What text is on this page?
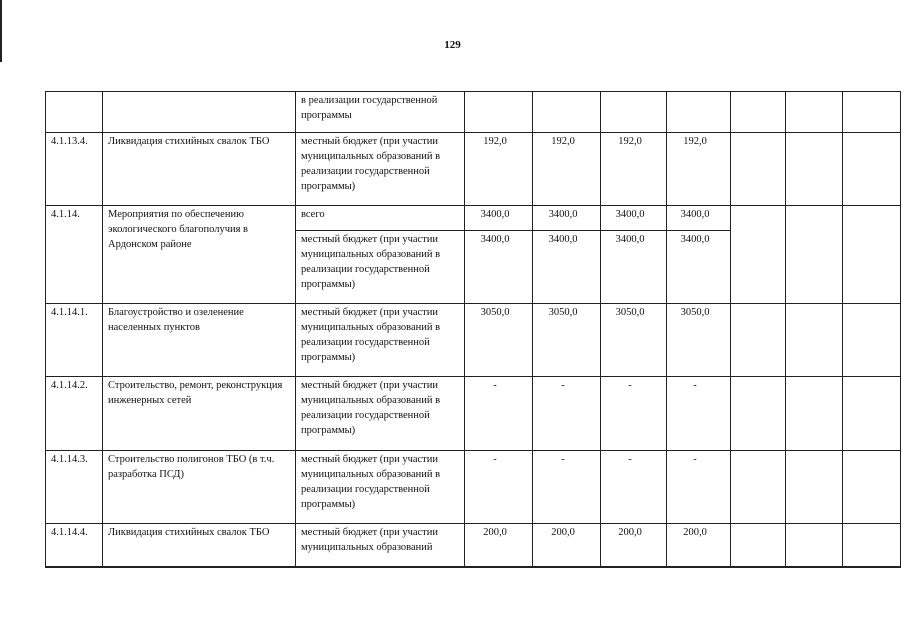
129
		в реализации государственной программы							
4.1.13.4.	Ликвидация стихийных свалок ТБО	местный бюджет (при участии муниципальных образований в реализации государственной программы)	192,0	192,0	192,0	192,0			
4.1.14.	Мероприятия по обеспечению экологического благополучия в Ардонском районе	всего	3400,0	3400,0	3400,0	3400,0			
		местный бюджет (при участии муниципальных образований в реализации государственной программы)	3400,0	3400,0	3400,0	3400,0			
4.1.14.1.	Благоустройство и озеленение населенных пунктов	местный бюджет (при участии муниципальных образований в реализации государственной программы)	3050,0	3050,0	3050,0	3050,0			
4.1.14.2.	Строительство, ремонт, реконструкция инженерных сетей	местный бюджет (при участии муниципальных образований в реализации государственной программы)	-	-	-	-			
4.1.14.3.	Строительство полигонов ТБО (в т.ч. разработка ПСД)	местный бюджет (при участии муниципальных образований в реализации государственной программы)	-	-	-	-			
4.1.14.4.	Ликвидация стихийных свалок ТБО	местный бюджет (при участии муниципальных образований	200,0	200,0	200,0	200,0			
